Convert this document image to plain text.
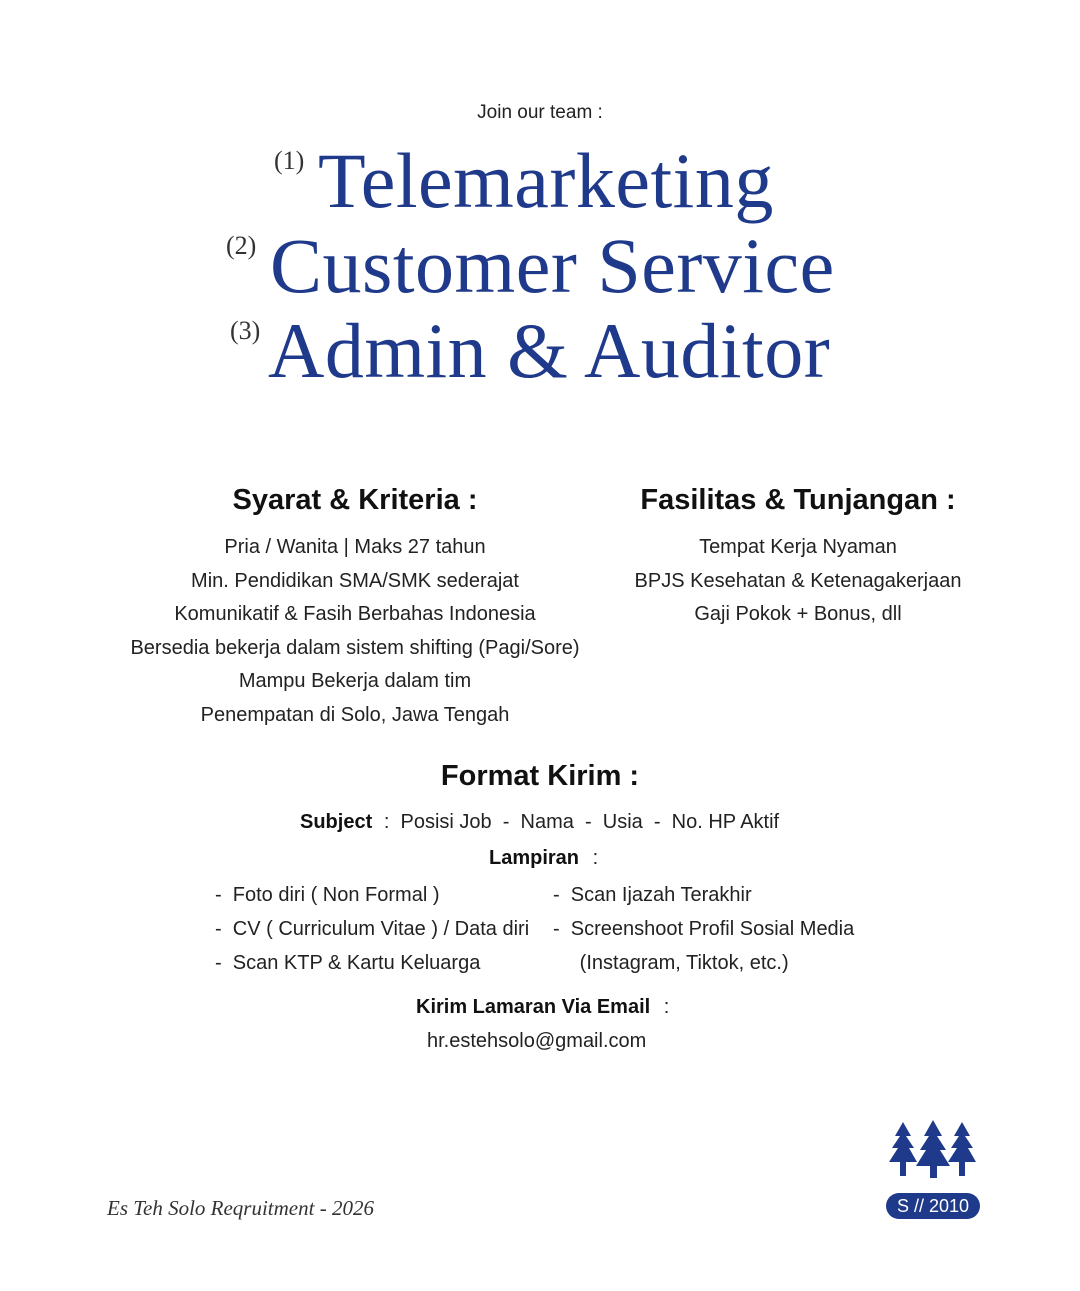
Join our team :
(1) Telemarketing
(2) Customer Service
(3) Admin & Auditor
Syarat & Kriteria :
Pria / Wanita | Maks 27 tahun
Min. Pendidikan SMA/SMK sederajat
Komunikatif & Fasih Berbahas Indonesia
Bersedia bekerja dalam sistem shifting (Pagi/Sore)
Mampu Bekerja dalam tim
Penempatan di Solo, Jawa Tengah
Fasilitas & Tunjangan :
Tempat Kerja Nyaman
BPJS Kesehatan & Ketenagakerjaan
Gaji Pokok + Bonus, dll
Format Kirim :
Subject :  Posisi Job  -  Nama  -  Usia  -  No. HP Aktif
Lampiran :
-  Foto diri ( Non Formal )
-  CV ( Curriculum Vitae ) / Data diri
-  Scan KTP & Kartu Keluarga
-  Scan Ijazah Terakhir
-  Screenshoot Profil Sosial Media
(Instagram, Tiktok, etc.)
Kirim Lamaran Via Email :
hr.estehsolo@gmail.com
Es Teh Solo Reqruitment - 2026	S // 2010
